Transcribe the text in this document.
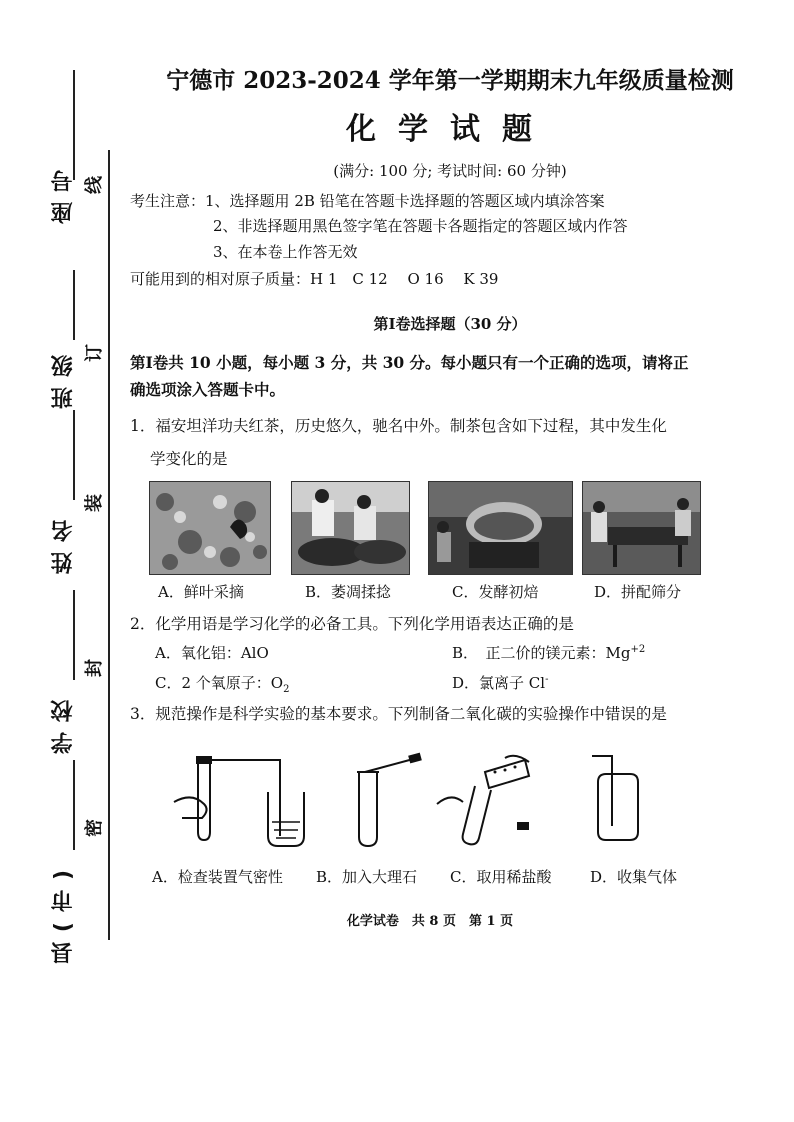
座号
班级
姓名
学校
县(市)
线
订
装
封
密
宁德市 2023-2024 学年第一学期期末九年级质量检测
化学试题
(满分: 100 分; 考试时间: 60 分钟)
考生注意：1、选择题用 2B 铅笔在答题卡选择题的答题区域内填涂答案
2、非选择题用黑色签字笔在答题卡各题指定的答题区域内作答
3、在本卷上作答无效
可能用到的相对原子质量：H 1　C 12　 O 16　 K 39
第Ⅰ卷选择题（30 分）
第Ⅰ卷共 10 小题，每小题 3 分，共 30 分。每小题只有一个正确的选项，请将正确选项涂入答题卡中。
1．福安坦洋功夫红茶，历史悠久，驰名中外。制茶包含如下过程，其中发生化
学变化的是
A．鲜叶采摘	B．萎凋揉捻	C．发酵初焙	D．拼配筛分
2．化学用语是学习化学的必备工具。下列化学用语表达正确的是
A．氧化铝：AlO	B．　正二价的镁元素：$Mg^{+2}$
C．2 个氧原子：$O_2$	D．氯离子 Cl-
3．规范操作是科学实验的基本要求。下列制备二氧化碳的实验操作中错误的是
A．检查装置气密性 B．加入大理石 C．取用稀盐酸	D．收集气体
化学试卷　共 8 页　第 1 页
